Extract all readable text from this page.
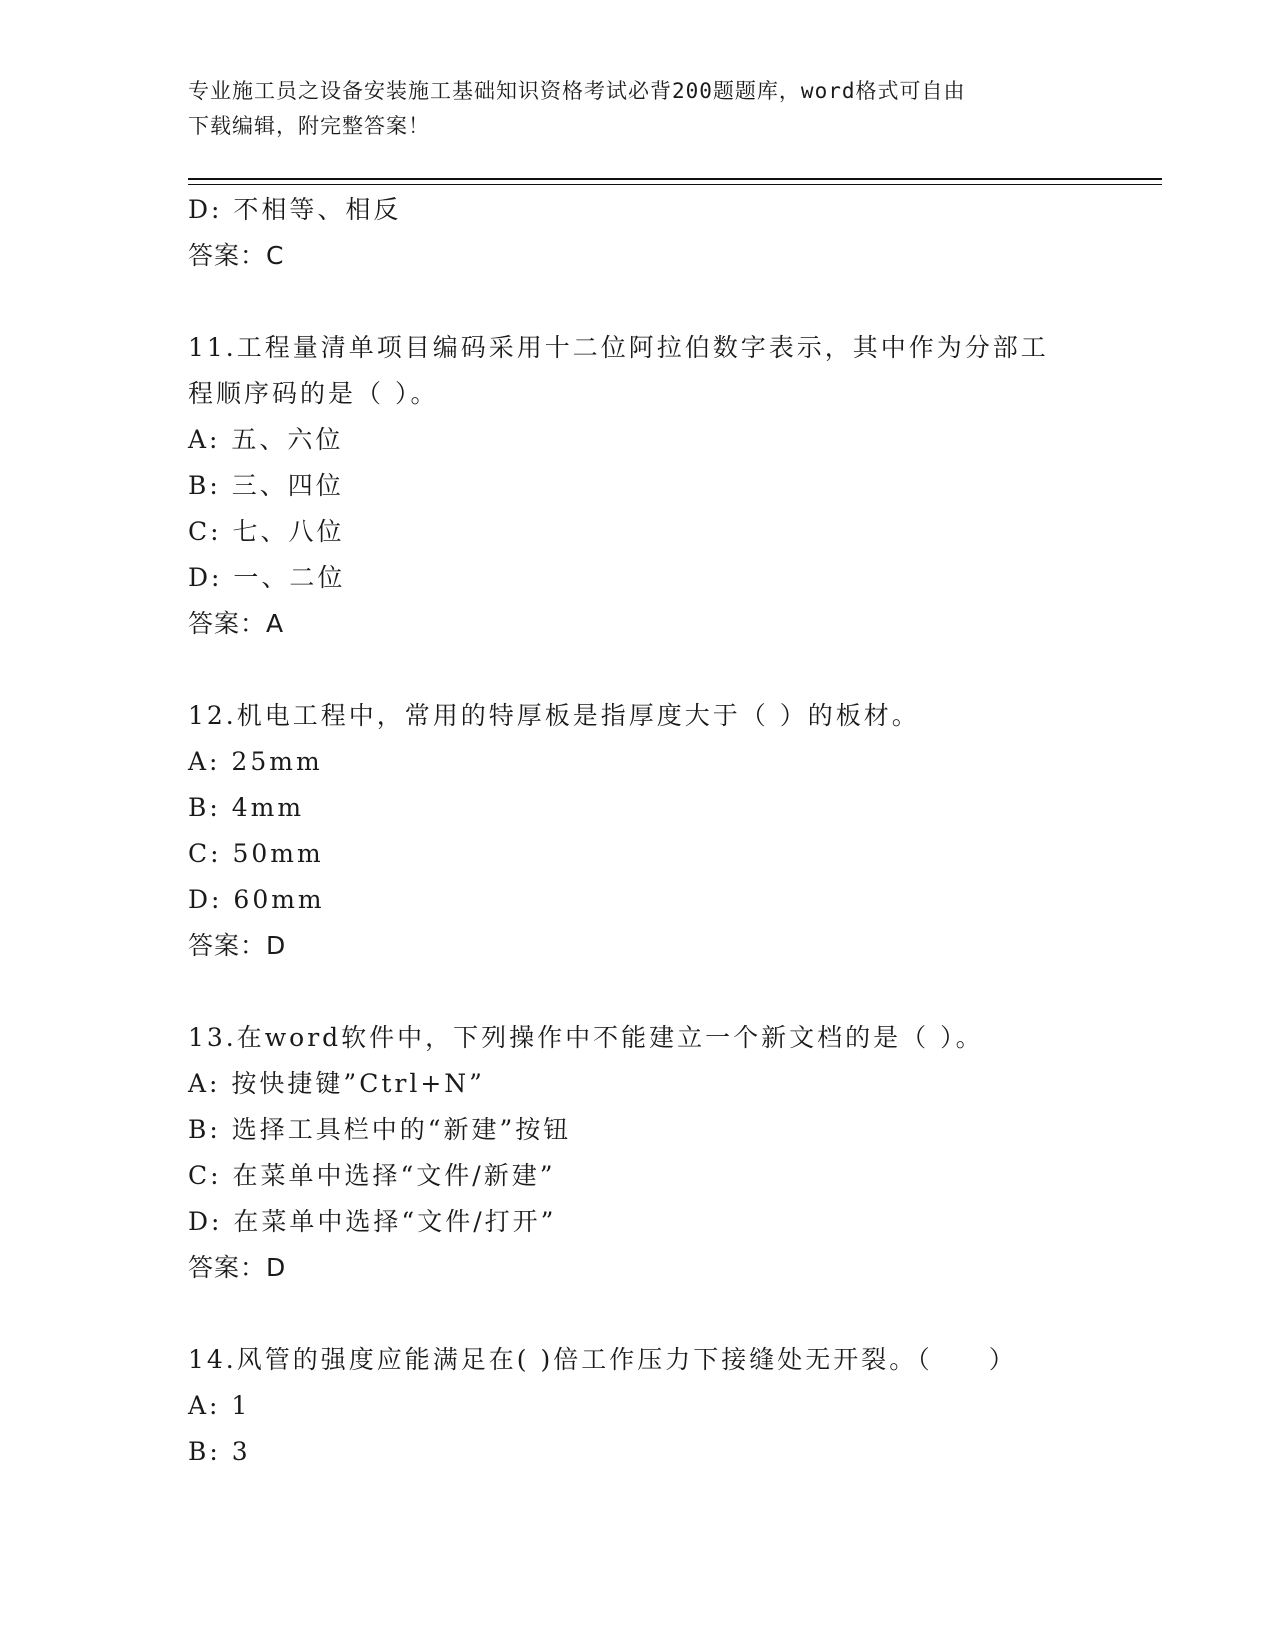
专业施工员之设备安装施工基础知识资格考试必背200题题库，word格式可自由
下载编辑，附完整答案！
D: 不相等、相反
答案：C
11.工程量清单项目编码采用十二位阿拉伯数字表示，其中作为分部工
程顺序码的是（ ）。
A: 五、六位
B: 三、四位
C: 七、八位
D: 一、二位
答案：A
12.机电工程中，常用的特厚板是指厚度大于（ ）的板材。
A: 25mm
B: 4mm
C: 50mm
D: 60mm
答案：D
13.在word软件中，下列操作中不能建立一个新文档的是（ ）。
A: 按快捷键”Ctrl+N”
B: 选择工具栏中的“新建”按钮
C: 在菜单中选择“文件/新建”
D: 在菜单中选择“文件/打开”
答案：D
14.风管的强度应能满足在( )倍工作压力下接缝处无开裂。（　　）
A: 1
B: 3
